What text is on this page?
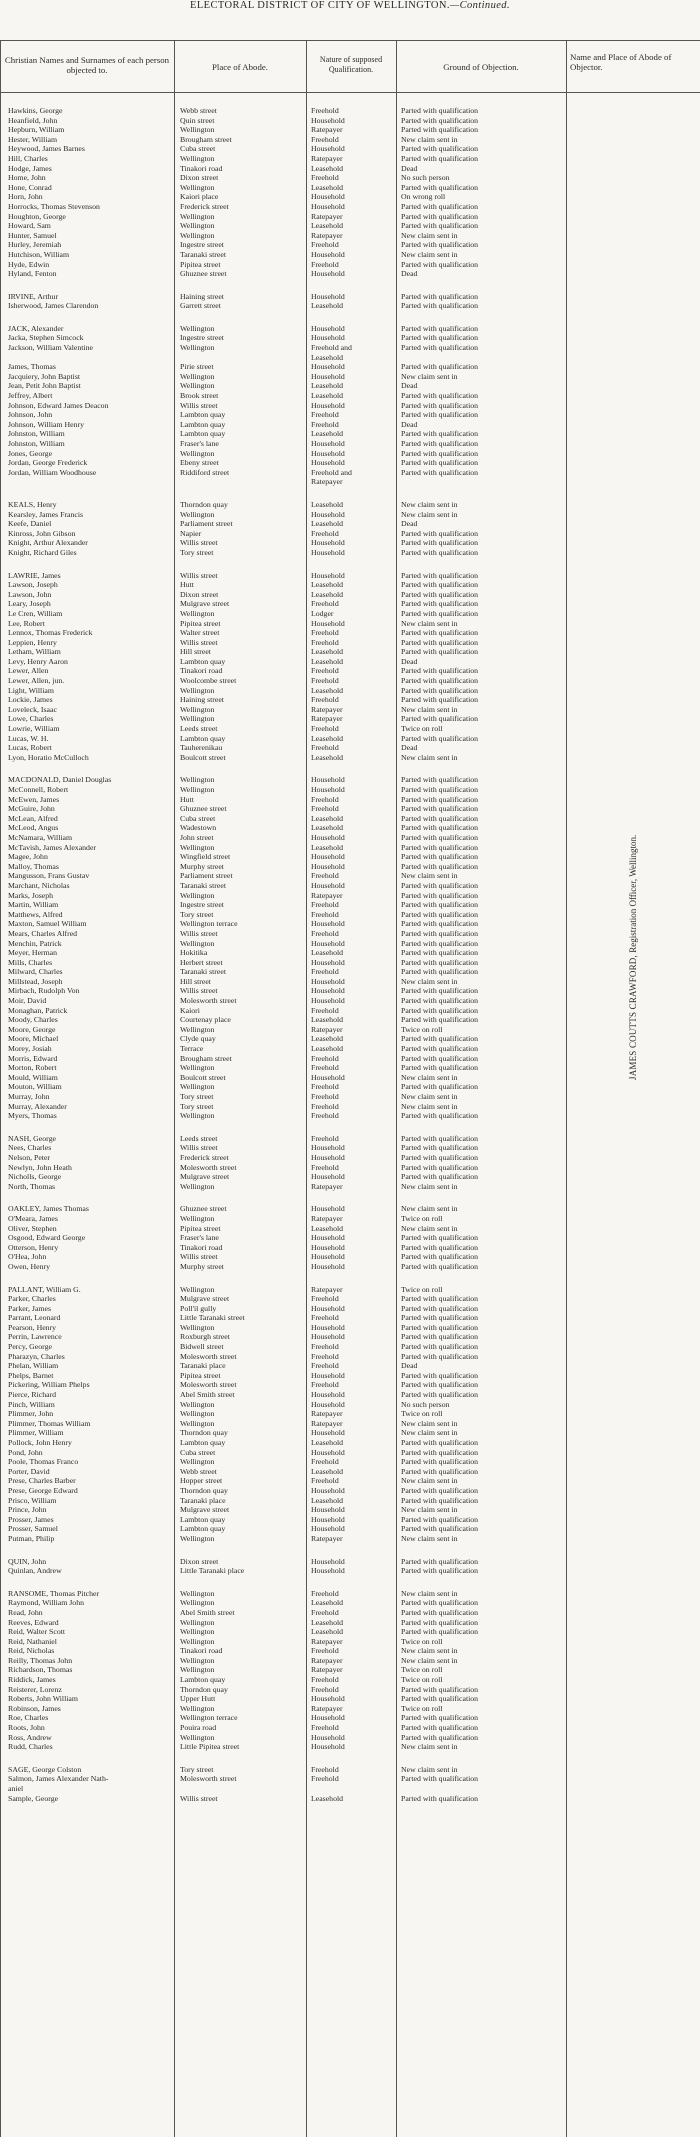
ELECTORAL DISTRICT OF CITY OF WELLINGTON.—Continued.
Christian Names and Surnames of each person objected to.	Place of Abode.
Nature of supposed Qualification.	Ground of Objection.
Name and Place of Abode of Objector.
Hawkins, George	Webb street	Freehold	Parted with qualification
Heanfield, John	Quin street	Household	Parted with qualification
Hepburn, William	Wellington	Ratepayer	Parted with qualification
Hester, William	Brougham street	Freehold	New claim sent in
Heywood, James Barnes	Cuba street	Household	Parted with qualification
Hill, Charles	Wellington	Ratepayer	Parted with qualification
Hodge, James	Tinakori road	Leasehold	Dead
Home, John	Dixon street	Freehold	No such person
Hone, Conrad	Wellington	Leasehold	Parted with qualification
Horn, John	Kaiori place	Household	On wrong roll
Horrocks, Thomas Stevenson	Frederick street	Household	Parted with qualification
Houghton, George	Wellington	Ratepayer	Parted with qualification
Howard, Sam	Wellington	Leasehold	Parted with qualification
Hunter, Samuel	Wellington	Ratepayer	New claim sent in
Hurley, Jeremiah	Ingestre street	Freehold	Parted with qualification
Hutchison, William	Taranaki street	Household	New claim sent in
Hyde, Edwin	Pipitea street	Freehold	Parted with qualification
Hyland, Fenton	Ghuznee street	Household	Dead
IRVINE, Arthur	Haining street	Household	Parted with qualification
Isherwood, James Clarendon	Garrett street	Leasehold	Parted with qualification
JACK, Alexander	Wellington	Household	Parted with qualification
Jacka, Stephen Simcock	Ingestre street	Household	Parted with qualification
Jackson, William Valentine	Wellington	Freehold and	Parted with qualification
Leasehold
James, Thomas	Pirie street	Household	Parted with qualification
Jacquiery, John Baptist	Wellington	Household	New claim sent in
Jean, Petit John Baptist	Wellington	Leasehold	Dead
Jeffrey, Albert	Brook street	Leasehold	Parted with qualification
Johnson, Edward James Deacon	Willis street	Household	Parted with qualification
Johnson, John	Lambton quay	Freehold	Parted with qualification
Johnson, William Henry	Lambton quay	Freehold	Dead
Johnston, William	Lambton quay	Leasehold	Parted with qualification
Johnston, William	Fraser's lane	Household	Parted with qualification
Jones, George	Wellington	Household	Parted with qualification
Jordan, George Frederick	Ebeny street	Household	Parted with qualification
Jordan, William Woodhouse	Riddiford street	Freehold and	Parted with qualification
Ratepayer
KEALS, Henry	Thorndon quay	Leasehold	New claim sent in
Kearsley, James Francis	Wellington	Household	New claim sent in
Keefe, Daniel	Parliament street	Leasehold	Dead
Kinross, John Gibson	Napier	Freehold	Parted with qualification
Knight, Arthur Alexander	Willis street	Household	Parted with qualification
Knight, Richard Giles	Tory street	Household	Parted with qualification
LAWRIE, James	Willis street	Household	Parted with qualification
Lawson, Joseph	Hutt	Leasehold	Parted with qualification
Lawson, John	Dixon street	Leasehold	Parted with qualification
Leary, Joseph	Mulgrave street	Freehold	Parted with qualification
Le Cren, William	Wellington	Lodger	Parted with qualification
Lee, Robert	Pipitea street	Household	New claim sent in
Lennox, Thomas Frederick	Walter street	Freehold	Parted with qualification
Leppien, Henry	Willis street	Freehold	Parted with qualification
Letham, William	Hill street	Leasehold	Parted with qualification
Levy, Henry Aaron	Lambton quay	Leasehold	Dead
Lewer, Allen	Tinakori road	Freehold	Parted with qualification
Lewer, Allen, jun.	Woolcombe street	Freehold	Parted with qualification
Light, William	Wellington	Leasehold	Parted with qualification
Lockie, James	Haining street	Freehold	Parted with qualification
Loveleck, Isaac	Wellington	Ratepayer	New claim sent in
Lowe, Charles	Wellington	Ratepayer	Parted with qualification
Lowrie, William	Leeds street	Freehold	Twice on roll
Lucas, W. H.	Lambton quay	Leasehold	Parted with qualification
Lucas, Robert	Tauherenikau	Freehold	Dead
Lyon, Horatio McCulloch	Boulcott street	Leasehold	New claim sent in
MACDONALD, Daniel Douglas	Wellington	Household	Parted with qualification
McConnell, Robert	Wellington	Household	Parted with qualification
McEwen, James	Hutt	Freehold	Parted with qualification
McGuire, John	Ghuznee street	Freehold	Parted with qualification
McLean, Alfred	Cuba street	Leasehold	Parted with qualification
McLeod, Angus	Wadestown	Leasehold	Parted with qualification
McNamara, William	John street	Household	Parted with qualification
McTavish, James Alexander	Wellington	Leasehold	Parted with qualification
Magee, John	Wingfield street	Household	Parted with qualification
Malloy, Thomas	Murphy street	Household	Parted with qualification
Mangusson, Frans Gustav	Parliament street	Freehold	New claim sent in
Marchant, Nicholas	Taranaki street	Household	Parted with qualification
Marks, Joseph	Wellington	Ratepayer	Parted with qualification
Martin, William	Ingestre street	Freehold	Parted with qualification
Matthews, Alfred	Tory street	Freehold	Parted with qualification
Maxton, Samuel William	Wellington terrace	Household	Parted with qualification
Mears, Charles Alfred	Willis street	Freehold	Parted with qualification
Menchin, Patrick	Wellington	Household	Parted with qualification
Meyer, Herman	Hokitika	Leasehold	Parted with qualification
Mills, Charles	Herbert street	Household	Parted with qualification
Milward, Charles	Taranaki street	Freehold	Parted with qualification
Millstead, Joseph	Hill street	Household	New claim sent in
Mirbach, Rudolph Von	Willis street	Household	Parted with qualification
Moir, David	Molesworth street	Household	Parted with qualification
Monaghan, Patrick	Kaiori	Freehold	Parted with qualification
Moody, Charles	Courtenay place	Leasehold	Parted with qualification
Moore, George	Wellington	Ratepayer	Twice on roll
Moore, Michael	Clyde quay	Leasehold	Parted with qualification
Morey, Josiah	Terrace	Leasehold	Parted with qualification
Morris, Edward	Brougham street	Freehold	Parted with qualification
Morton, Robert	Wellington	Freehold	Parted with qualification
Mould, William	Boulcott street	Household	New claim sent in
Mouton, William	Wellington	Freehold	Parted with qualification
Murray, John	Tory street	Freehold	New claim sent in
Murray, Alexander	Tory street	Freehold	New claim sent in
Myers, Thomas	Wellington	Freehold	Parted with qualification
NASH, George	Leeds street	Freehold	Parted with qualification
Nees, Charles	Willis street	Household	Parted with qualification
Nelson, Peter	Frederick street	Household	Parted with qualification
Newlyn, John Heath	Molesworth street	Freehold	Parted with qualification
Nicholls, George	Mulgrave street	Household	Parted with qualification
North, Thomas	Wellington	Ratepayer	New claim sent in
OAKLEY, James Thomas	Ghuznee street	Household	New claim sent in
O'Meara, James	Wellington	Ratepayer	Twice on roll
Oliver, Stephen	Pipitea street	Leasehold	New claim sent in
Osgood, Edward George	Fraser's lane	Household	Parted with qualification
Otterson, Henry	Tinakori road	Household	Parted with qualification
O'Hea, John	Willis street	Household	Parted with qualification
Owen, Henry	Murphy street	Household	Parted with qualification
PALLANT, William G.	Wellington	Ratepayer	Twice on roll
Parker, Charles	Mulgrave street	Freehold	Parted with qualification
Parker, James	Poll'il gully	Household	Parted with qualification
Parrant, Leonard	Little Taranaki street	Freehold	Parted with qualification
Pearson, Henry	Wellington	Household	Parted with qualification
Perrin, Lawrence	Roxburgh street	Household	Parted with qualification
Percy, George	Bidwell street	Freehold	Parted with qualification
Pharazyn, Charles	Molesworth street	Freehold	Parted with qualification
Phelan, William	Taranaki place	Freehold	Dead
Phelps, Barnet	Pipitea street	Household	Parted with qualification
Pickering, William Phelps	Molesworth street	Freehold	Parted with qualification
Pierce, Richard	Abel Smith street	Household	Parted with qualification
Pinch, William	Wellington	Household	No such person
Plimmer, John	Wellington	Ratepayer	Twice on roll
Plimmer, Thomas William	Wellington	Ratepayer	New claim sent in
Plimmer, William	Thorndon quay	Household	New claim sent in
Pollock, John Henry	Lambton quay	Leasehold	Parted with qualification
Pond, John	Cuba street	Household	Parted with qualification
Poole, Thomas Franco	Wellington	Freehold	Parted with qualification
Porter, David	Webb street	Leasehold	Parted with qualification
Prese, Charles Barber	Hopper street	Freehold	New claim sent in
Prese, George Edward	Thorndon quay	Household	Parted with qualification
Prisco, William	Taranaki place	Leasehold	Parted with qualification
Prince, John	Mulgrave street	Household	New claim sent in
Prosser, James	Lambton quay	Household	Parted with qualification
Prosser, Samuel	Lambton quay	Household	Parted with qualification
Putman, Philip	Wellington	Ratepayer	New claim sent in
QUIN, John	Dixon street	Household	Parted with qualification
Quinlan, Andrew	Little Taranaki place	Household	Parted with qualification
RANSOME, Thomas Pitcher	Wellington	Freehold	New claim sent in
Raymond, William John	Wellington	Leasehold	Parted with qualification
Read, John	Abel Smith street	Freehold	Parted with qualification
Reeves, Edward	Wellington	Leasehold	Parted with qualification
Reid, Walter Scott	Wellington	Leasehold	Parted with qualification
Reid, Nathaniel	Wellington	Ratepayer	Twice on roll
Reid, Nicholas	Tinakori road	Freehold	New claim sent in
Reilly, Thomas John	Wellington	Ratepayer	New claim sent in
Richardson, Thomas	Wellington	Ratepayer	Twice on roll
Riddick, James	Lambton quay	Freehold	Twice on roll
Reisterer, Lorenz	Thorndon quay	Freehold	Parted with qualification
Roberts, John William	Upper Hutt	Household	Parted with qualification
Robinson, James	Wellington	Ratepayer	Twice on roll
Roe, Charles	Wellington terrace	Household	Parted with qualification
Roots, John	Pouira road	Freehold	Parted with qualification
Ross, Andrew	Wellington	Household	Parted with qualification
Rudd, Charles	Little Pipitea street	Household	New claim sent in
SAGE, George Colston	Tory street	Freehold	New claim sent in
Salmon, James Alexander Nath-	Molesworth street	Freehold	Parted with qualification
aniel
Sample, George	Willis street	Leasehold	Parted with qualification
JAMES COUTTS CRAWFORD, Registration Officer, Wellington.
